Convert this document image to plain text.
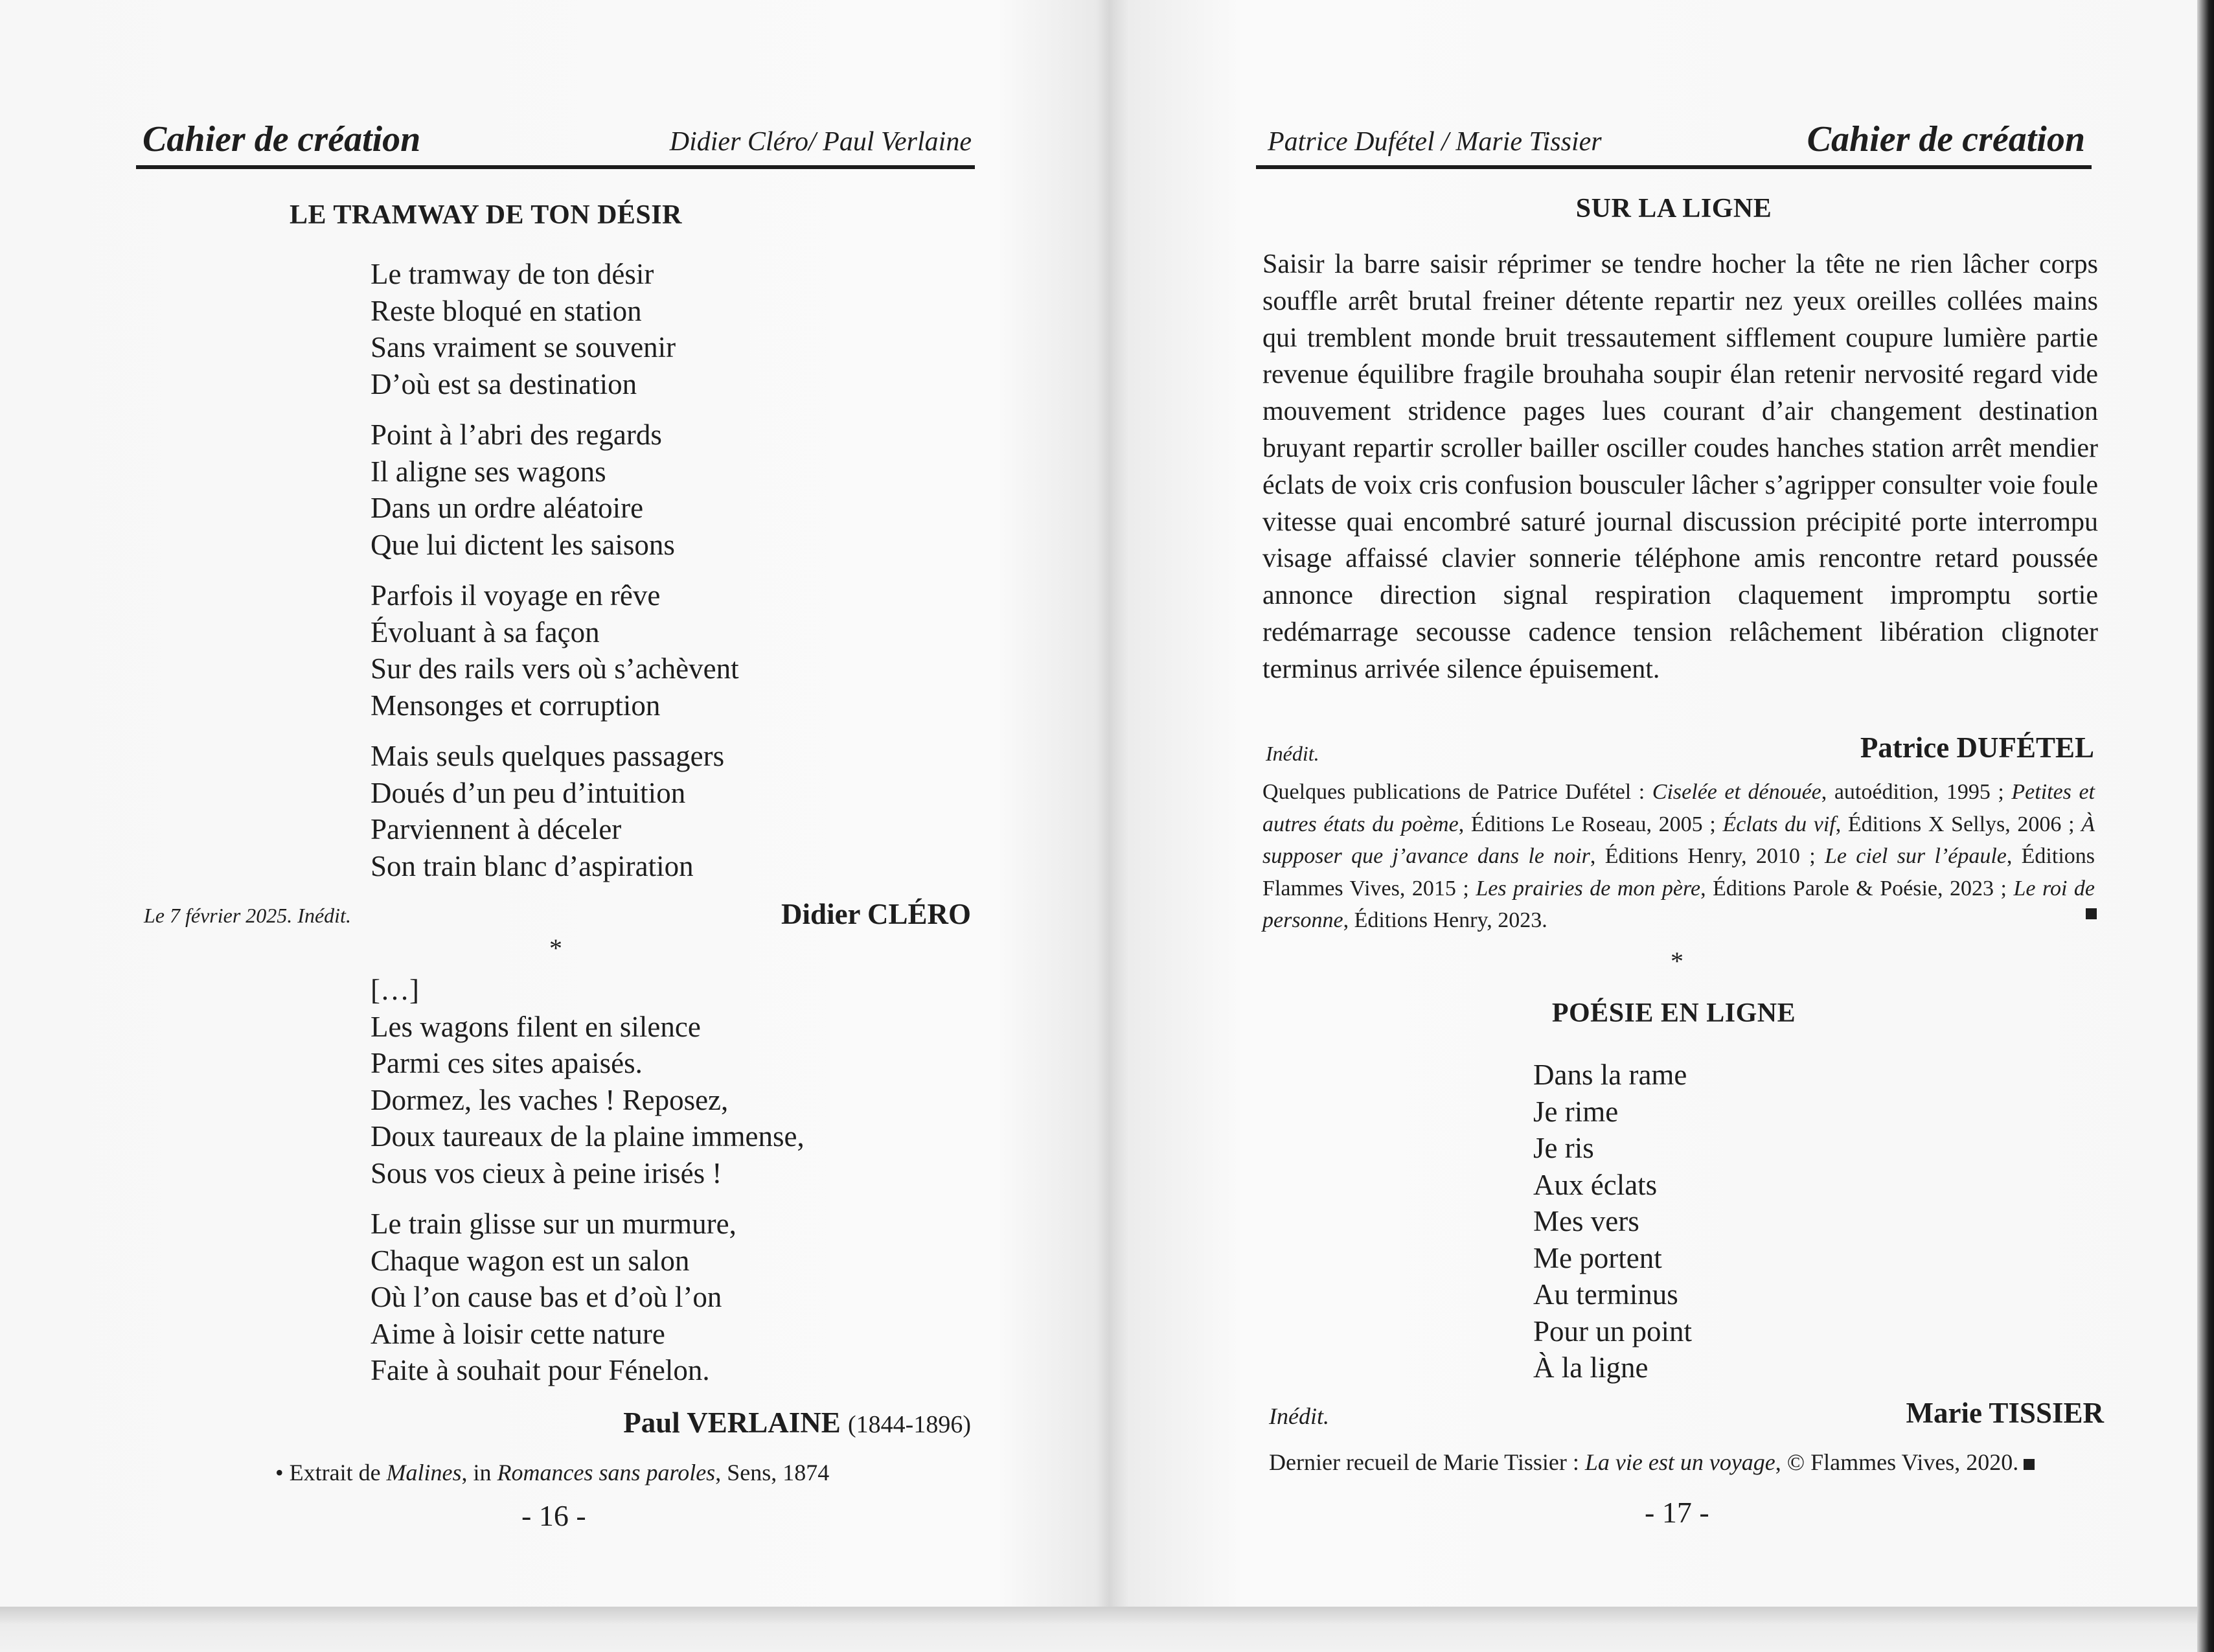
Cahier de création	Didier Cléro/ Paul Verlaine
LE TRAMWAY DE TON DÉSIR
Le tramway de ton désir
Reste bloqué en station
Sans vraiment se souvenir
D’où est sa destination
Point à l’abri des regards
Il aligne ses wagons
Dans un ordre aléatoire
Que lui dictent les saisons
Parfois il voyage en rêve
Évoluant à sa façon
Sur des rails vers où s’achèvent
Mensonges et corruption
Mais seuls quelques passagers
Doués d’un peu d’intuition
Parviennent à déceler
Son train blanc d’aspiration
Le 7 février 2025. Inédit.	Didier CLÉRO
*
[…]
Les wagons filent en silence
Parmi ces sites apaisés.
Dormez, les vaches ! Reposez,
Doux taureaux de la plaine immense,
Sous vos cieux à peine irisés !
Le train glisse sur un murmure,
Chaque wagon est un salon
Où l’on cause bas et d’où l’on
Aime à loisir cette nature
Faite à souhait pour Fénelon.
Paul VERLAINE (1844-1896)
• Extrait de Malines, in Romances sans paroles, Sens, 1874
- 16 -
Patrice Dufétel / Marie Tissier	Cahier de création
SUR LA LIGNE
Saisir la barre saisir réprimer se tendre hocher la tête ne rien lâcher corps souffle arrêt brutal freiner détente repartir nez yeux oreilles collées mains qui tremblent monde bruit tressautement sifflement coupure lumière partie revenue équilibre fragile brouhaha soupir élan retenir nervosité regard vide mouvement stridence pages lues courant d’air changement destination bruyant repartir scroller bailler osciller coudes hanches station arrêt mendier éclats de voix cris confusion bousculer lâcher s’agripper consulter voie foule vitesse quai encombré saturé journal discussion précipité porte interrompu visage affaissé clavier sonnerie téléphone amis rencontre retard poussée annonce direction signal respiration claquement impromptu sortie redémarrage secousse cadence tension relâchement libération clignoter terminus arrivée silence épuisement.
Inédit.	Patrice DUFÉTEL
Quelques publications de Patrice Dufétel : Ciselée et dénouée, autoédition, 1995 ; Petites et autres états du poème, Éditions Le Roseau, 2005 ; Éclats du vif, Éditions X Sellys, 2006 ; À supposer que j’avance dans le noir, Éditions Henry, 2010 ; Le ciel sur l’épaule, Éditions Flammes Vives, 2015 ; Les prairies de mon père, Éditions Parole & Poésie, 2023 ; Le roi de personne, Éditions Henry, 2023.
*
POÉSIE EN LIGNE
Dans la rame
Je rime
Je ris
Aux éclats
Mes vers
Me portent
Au terminus
Pour un point
À la ligne
Inédit.	Marie TISSIER
Dernier recueil de Marie Tissier : La vie est un voyage, © Flammes Vives, 2020.
- 17 -
